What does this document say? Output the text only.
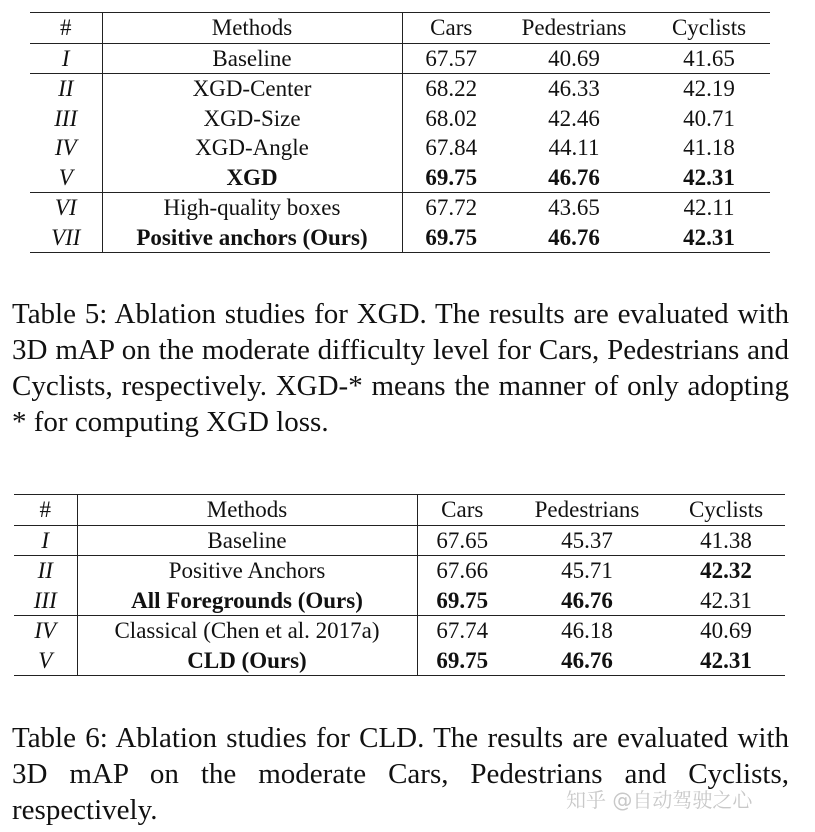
#	Methods	Cars	Pedestrians	Cyclists
I	Baseline	67.57	40.69	41.65
II	XGD-Center	68.22	46.33	42.19
III	XGD-Size	68.02	42.46	40.71
IV	XGD-Angle	67.84	44.11	41.18
V	XGD	69.75	46.76	42.31
VI	High-quality boxes	67.72	43.65	42.11
VII	Positive anchors (Ours)	69.75	46.76	42.31

Table 5: Ablation studies for XGD. The results are evaluated with 3D mAP on the moderate difficulty level for Cars, Pedestrians and Cyclists, respectively. XGD-* means the manner of only adopting * for computing XGD loss.

#	Methods	Cars	Pedestrians	Cyclists
I	Baseline	67.65	45.37	41.38
II	Positive Anchors	67.66	45.71	42.32
III	All Foregrounds (Ours)	69.75	46.76	42.31
IV	Classical (Chen et al. 2017a)	67.74	46.18	40.69
V	CLD (Ours)	69.75	46.76	42.31

Table 6: Ablation studies for CLD. The results are evaluated with 3D mAP on the moderate Cars, Pedestrians and Cyclists, respectively.	知乎 @自动驾驶之心
